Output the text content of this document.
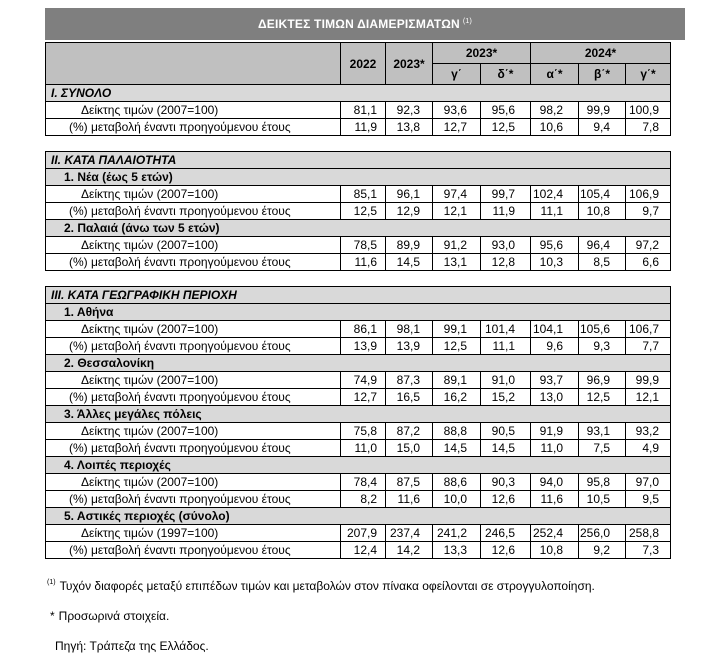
ΔΕΙΚΤΕΣ ΤΙΜΩΝ ΔΙΑΜΕΡΙΣΜΑΤΩΝ $^{(1)}$
	2022	2023*	2023*		2024*		
			γ΄	δ΄*	α΄*	β΄*	γ΄*
I. ΣΥΝΟΛΟ							
Δείκτης τιμών (2007=100)	81,1	92,3	93,6	95,6	98,2	99,9	100,9
(%) μεταβολή έναντι προηγούμενου έτους	11,9	13,8	12,7	12,5	10,6	9,4	7,8

II. ΚΑΤΑ ΠΑΛΑΙΟΤΗΤΑ							
1. Νέα (έως 5 ετών)							
Δείκτης τιμών (2007=100)	85,1	96,1	97,4	99,7	102,4	105,4	106,9
(%) μεταβολή έναντι προηγούμενου έτους	12,5	12,9	12,1	11,9	11,1	10,8	9,7
2. Παλαιά (άνω των 5 ετών)							
Δείκτης τιμών (2007=100)	78,5	89,9	91,2	93,0	95,6	96,4	97,2
(%) μεταβολή έναντι προηγούμενου έτους	11,6	14,5	13,1	12,8	10,3	8,5	6,6

III. ΚΑΤΑ ΓΕΩΓΡΑΦΙΚΗ ΠΕΡΙΟΧΗ							
1. Αθήνα							
Δείκτης τιμών (2007=100)	86,1	98,1	99,1	101,4	104,1	105,6	106,7
(%) μεταβολή έναντι προηγούμενου έτους	13,9	13,9	12,5	11,1	9,6	9,3	7,7
2. Θεσσαλονίκη							
Δείκτης τιμών (2007=100)	74,9	87,3	89,1	91,0	93,7	96,9	99,9
(%) μεταβολή έναντι προηγούμενου έτους	12,7	16,5	16,2	15,2	13,0	12,5	12,1
3. Άλλες μεγάλες πόλεις							
Δείκτης τιμών (2007=100)	75,8	87,2	88,8	90,5	91,9	93,1	93,2
(%) μεταβολή έναντι προηγούμενου έτους	11,0	15,0	14,5	14,5	11,0	7,5	4,9
4. Λοιπές περιοχές							
Δείκτης τιμών (2007=100)	78,4	87,5	88,6	90,3	94,0	95,8	97,0
(%) μεταβολή έναντι προηγούμενου έτους	8,2	11,6	10,0	12,6	11,6	10,5	9,5
5. Αστικές περιοχές (σύνολο)							
Δείκτης τιμών (1997=100)	207,9	237,4	241,2	246,5	252,4	256,0	258,8
(%) μεταβολή έναντι προηγούμενου έτους	12,4	14,2	13,3	12,6	10,8	9,2	7,3
$^{(1)}$ Τυχόν διαφορές μεταξύ επιπέδων τιμών και μεταβολών στον πίνακα οφείλονται σε στρογγυλοποίηση.
* Προσωρινά στοιχεία.
Πηγή: Τράπεζα της Ελλάδος.
